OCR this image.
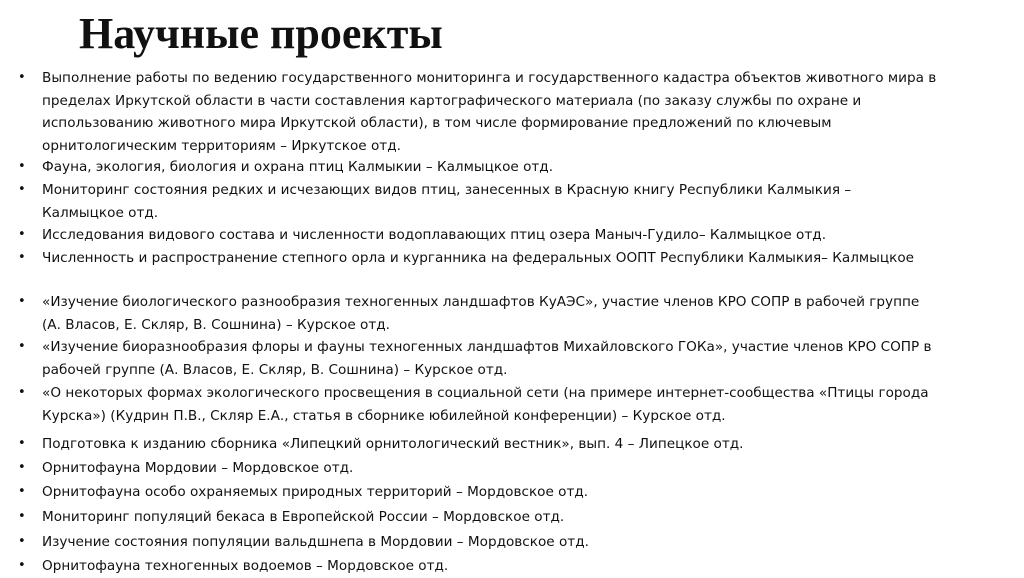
Научные проекты
• Выполнение работы по ведению государственного мониторинга и государственного кадастра объектов животного мира в
пределах Иркутской области в части составления картографического материала (по заказу службы по охране и
использованию животного мира Иркутской области), в том числе формирование предложений по ключевым
орнитологическим территориям – Иркутское отд.
• Фауна, экология, биология и охрана птиц Калмыкии – Калмыцкое отд.
• Мониторинг состояния редких и исчезающих видов птиц, занесенных в Красную книгу Республики Калмыкия –
Калмыцкое отд.
• Исследования видового состава и численности водоплавающих птиц озера Маныч-Гудило– Калмыцкое отд.
• Численность и распространение степного орла и курганника на федеральных ООПТ Республики Калмыкия– Калмыцкое
• «Изучение биологического разнообразия техногенных ландшафтов КуАЭС», участие членов КРО СОПР в рабочей группе
(А. Власов, Е. Скляр, В. Сошнина) – Курское отд.
• «Изучение биоразнообразия флоры и фауны техногенных ландшафтов Михайловского ГОКа», участие членов КРО СОПР в
рабочей группе (А. Власов, Е. Скляр, В. Сошнина) – Курское отд.
• «О некоторых формах экологического просвещения в социальной сети (на примере интернет-сообщества «Птицы города
Курска») (Кудрин П.В., Скляр Е.А., статья в сборнике юбилейной конференции) – Курское отд.
• Подготовка к изданию сборника «Липецкий орнитологический вестник», вып. 4 – Липецкое отд.
• Орнитофауна Мордовии – Мордовское отд.
• Орнитофауна особо охраняемых природных территорий – Мордовское отд.
• Мониторинг популяций бекаса в Европейской России – Мордовское отд.
• Изучение состояния популяции вальдшнепа в Мордовии – Мордовское отд.
• Орнитофауна техногенных водоемов – Мордовское отд.
